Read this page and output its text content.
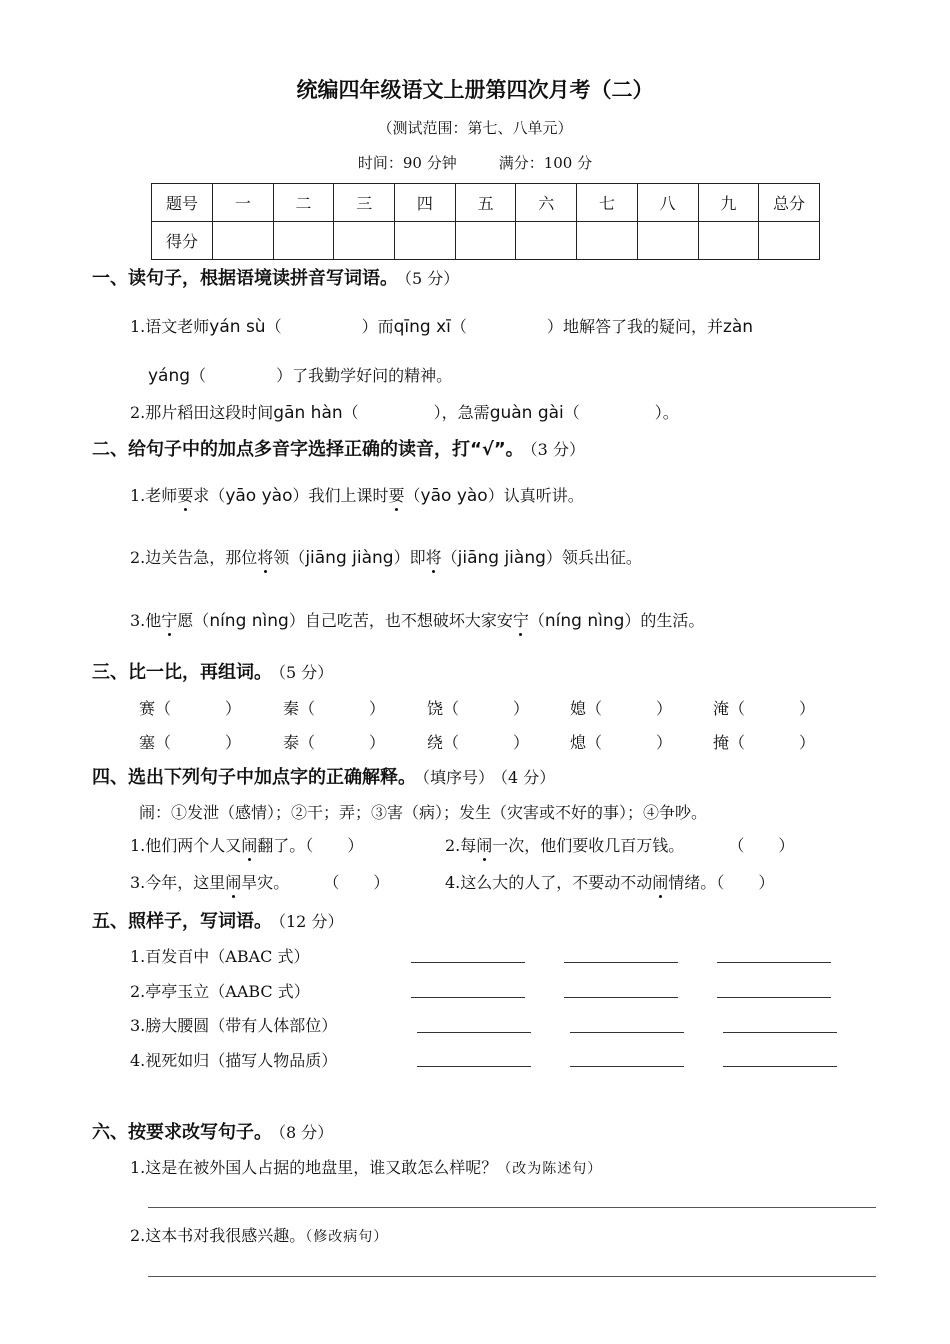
统编四年级语文上册第四次月考（二）
（测试范围：第七、八单元）
时间：90 分钟	满分：100 分
题号	一	二	三	四	五	六	七	八	九	总分
得分										
一、读句子，根据语境读拼音写词语。 （5 分）
1.语文老师yán sù（	）而qīng xī（	）地解答了我的疑问，并zàn
yáng（	）了我勤学好问的精神。
2.那片稻田这段时间gān hàn（	），急需guàn gài（	）。
二、给句子中的加点多音字选择正确的读音，打“√”。 （3 分）
1.老师要求（yāo yào）我们上课时要（yāo yào）认真听讲。
2.边关告急，那位将领（jiāng jiàng）即将（jiāng jiàng）领兵出征。
3.他宁愿（níng nìng）自己吃苦，也不想破坏大家安宁（níng nìng）的生活。
三、比一比，再组词。 （5 分）
赛（	）	秦（	）	饶（	）	媳（	）	淹（	）
塞（	）	泰（	）	绕（	）	熄（	）	掩（	）
四、选出下列句子中加点字的正确解释。 （填序号） （4 分）
闹：①发泄（感情）；②干；弄；③害（病）；发生（灾害或不好的事）；④争吵。
1.他们两个人又闹翻了。（ ）	2.每闹一次，他们要收几百万钱。	（ ）
3.今年，这里闹旱灾。 （ ）	4.这么大的人了，不要动不动闹情绪。（ ）
五、照样子，写词语。 （12 分）
1.百发百中（ABAC 式）
2.亭亭玉立（AABC 式）
3.膀大腰圆（带有人体部位）
4.视死如归（描写人物品质）
六、按要求改写句子。 （8 分）
1.这是在被外国人占据的地盘里，谁又敢怎么样呢？（改为陈述句）
2.这本书对我很感兴趣。（修改病句）
